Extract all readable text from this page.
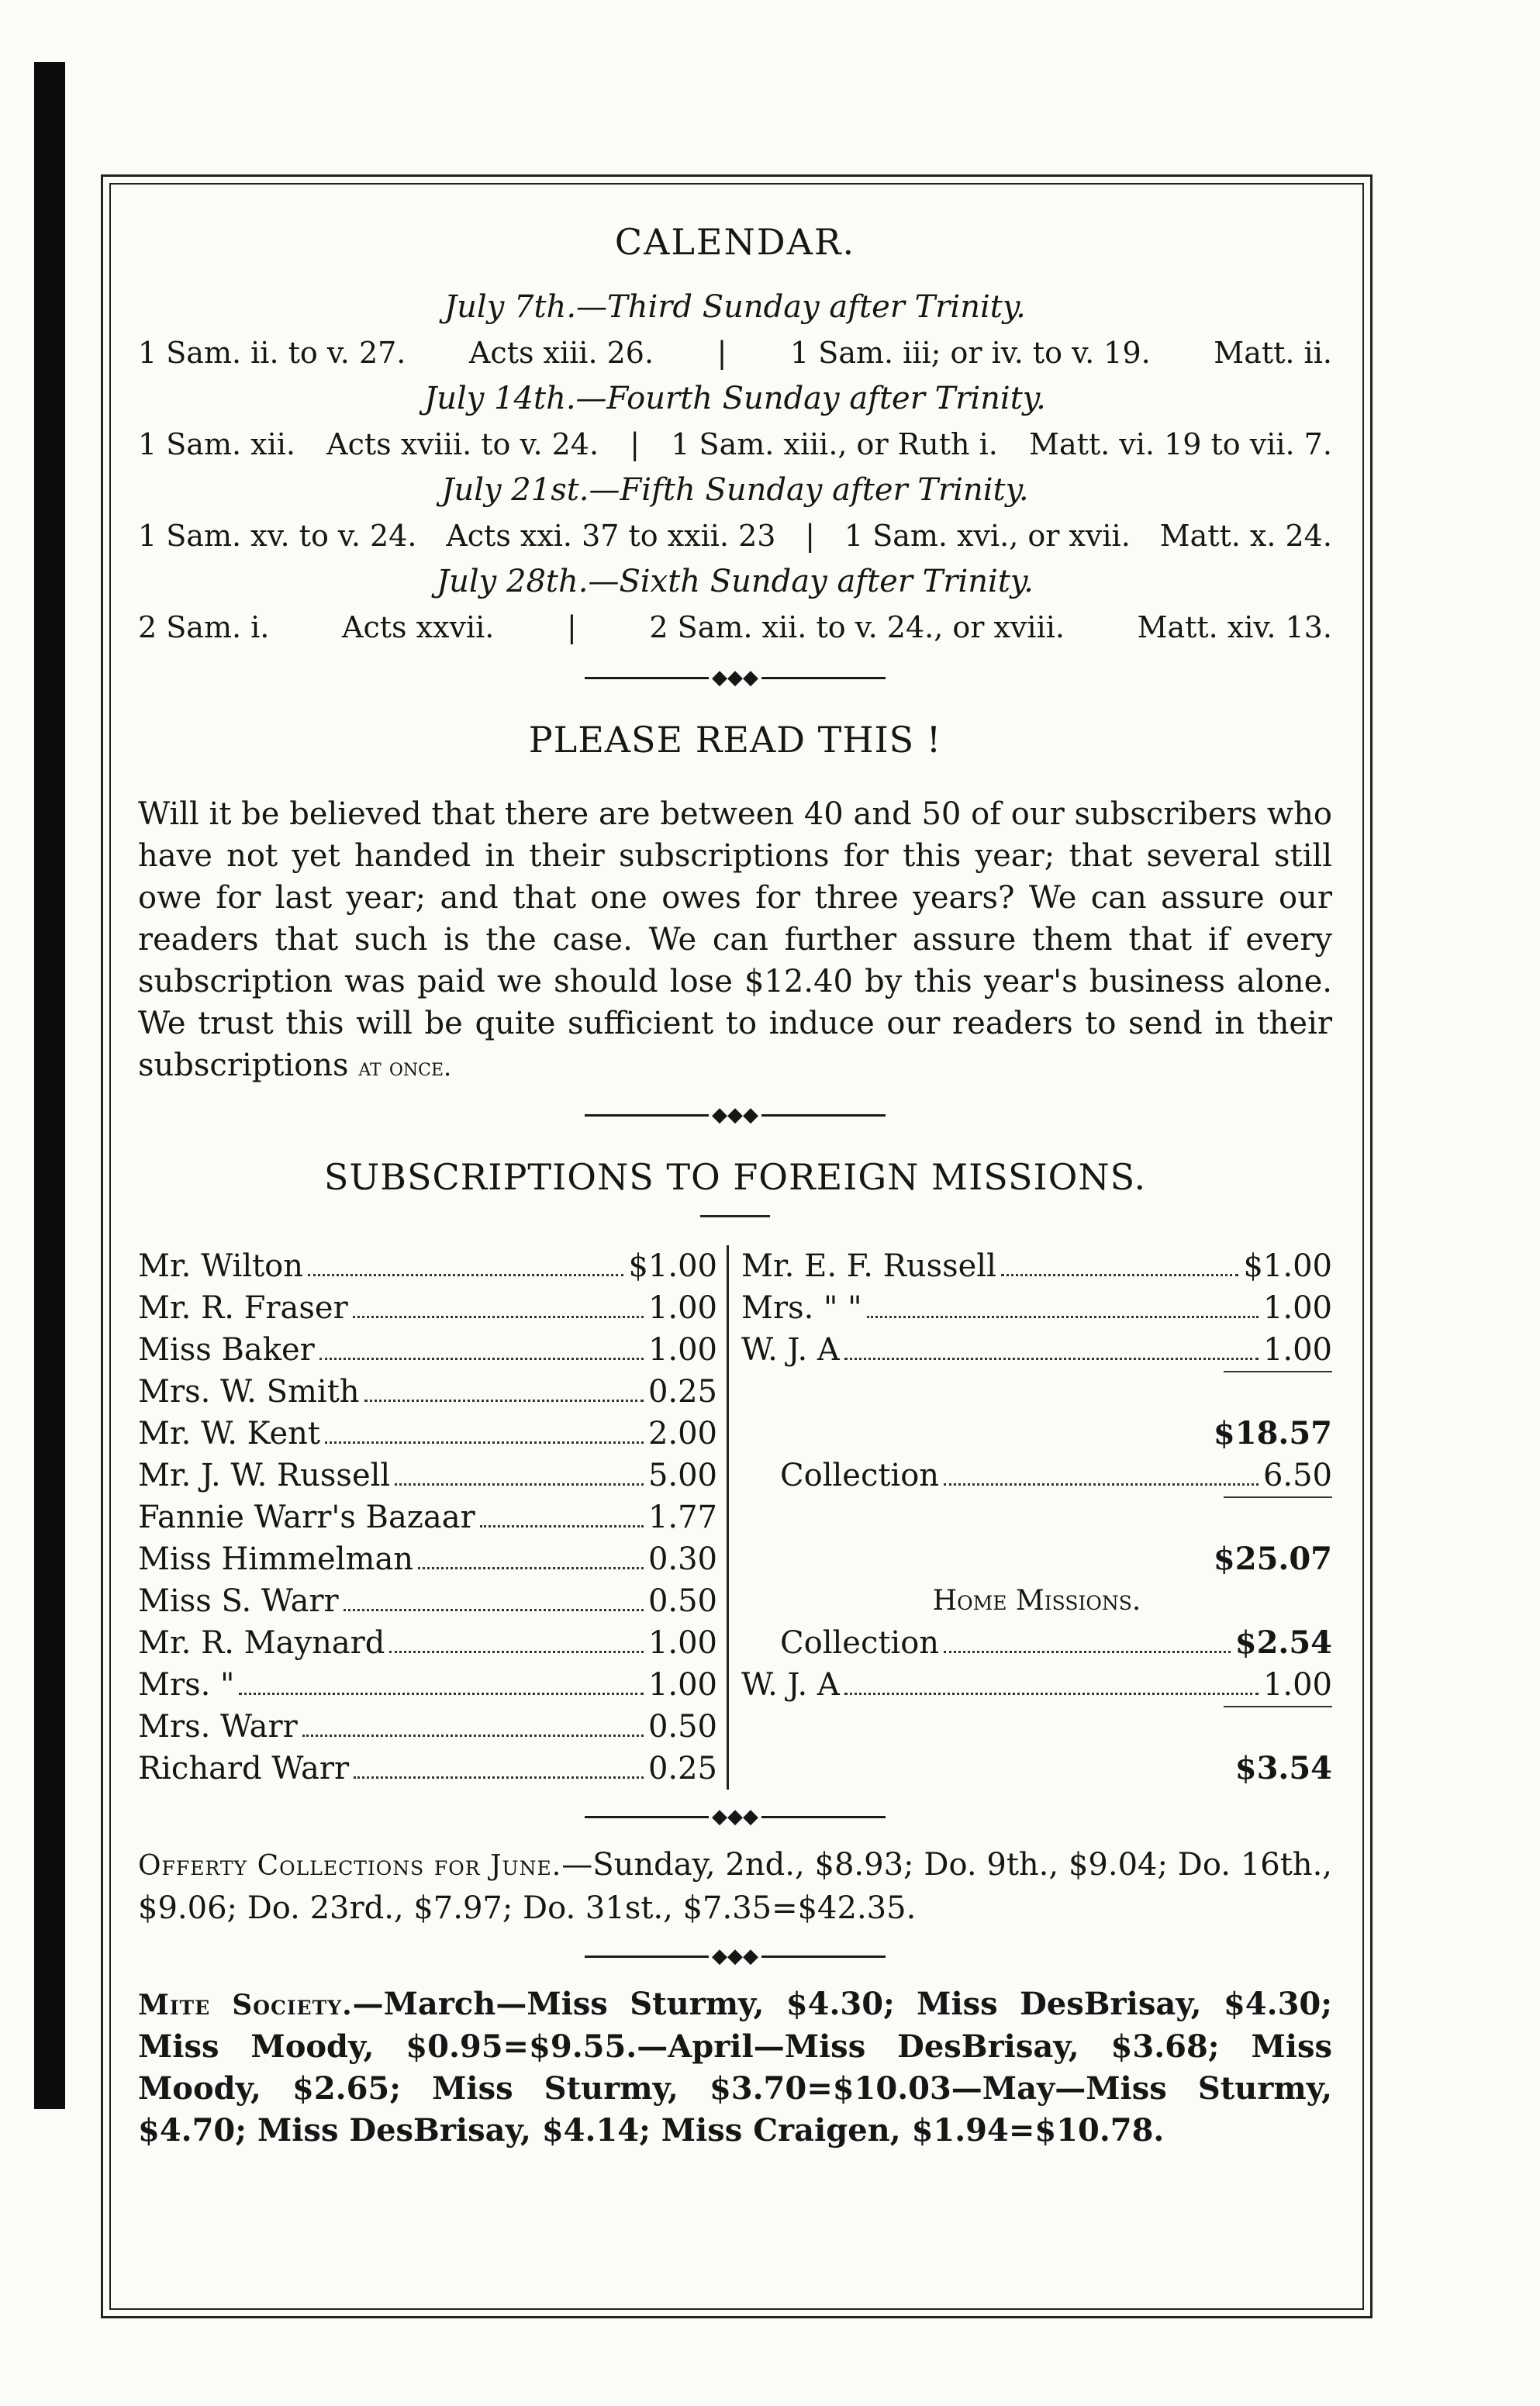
CALENDAR.
July 7th.—Third Sunday after Trinity.
1 Sam. ii. to v. 27. Acts xiii. 26. | 1 Sam. iii; or iv. to v. 19. Matt. ii.
July 14th.—Fourth Sunday after Trinity.
1 Sam. xii. Acts xviii. to v. 24. | 1 Sam. xiii., or Ruth i. Matt. vi. 19 to vii. 7.
July 21st.—Fifth Sunday after Trinity.
1 Sam. xv. to v. 24. Acts xxi. 37 to xxii. 23 | 1 Sam. xvi., or xvii. Matt. x. 24.
July 28th.—Sixth Sunday after Trinity.
2 Sam. i. Acts xxvii. | 2 Sam. xii. to v. 24., or xviii. Matt. xiv. 13.
◆◆◆
PLEASE READ THIS !
Will it be believed that there are between 40 and 50 of our subscribers who have not yet handed in their subscriptions for this year; that several still owe for last year; and that one owes for three years? We can assure our readers that such is the case. We can further assure them that if every subscription was paid we should lose $12.40 by this year's business alone. We trust this will be quite sufficient to induce our readers to send in their subscriptions at once.
◆◆◆
SUBSCRIPTIONS TO FOREIGN MISSIONS.
Mr. Wilton	$1.00
Mr. R. Fraser	1.00
Miss Baker	1.00
Mrs. W. Smith	0.25
Mr. W. Kent	2.00
Mr. J. W. Russell	5.00
Fannie Warr's Bazaar	1.77
Miss Himmelman	0.30
Miss S. Warr	0.50
Mr. R. Maynard	1.00
Mrs. "	1.00
Mrs. Warr	0.50
Richard Warr	0.25
Mr. E. F. Russell	$1.00
Mrs. " "	1.00
W. J. A	1.00
$18.57
Collection	6.50
$25.07
Home Missions.
Collection	$2.54
W. J. A	1.00
$3.54
◆◆◆
Offerty Collections for June.—Sunday, 2nd., $8.93; Do. 9th., $9.04; Do. 16th., $9.06; Do. 23rd., $7.97; Do. 31st., $7.35=$42.35.
◆◆◆
Mite Society.—March—Miss Sturmy, $4.30; Miss DesBrisay, $4.30; Miss Moody, $0.95=$9.55.—April—Miss DesBrisay, $3.68; Miss Moody, $2.65; Miss Sturmy, $3.70=$10.03—May—Miss Sturmy, $4.70; Miss DesBrisay, $4.14; Miss Craigen, $1.94=$10.78.
